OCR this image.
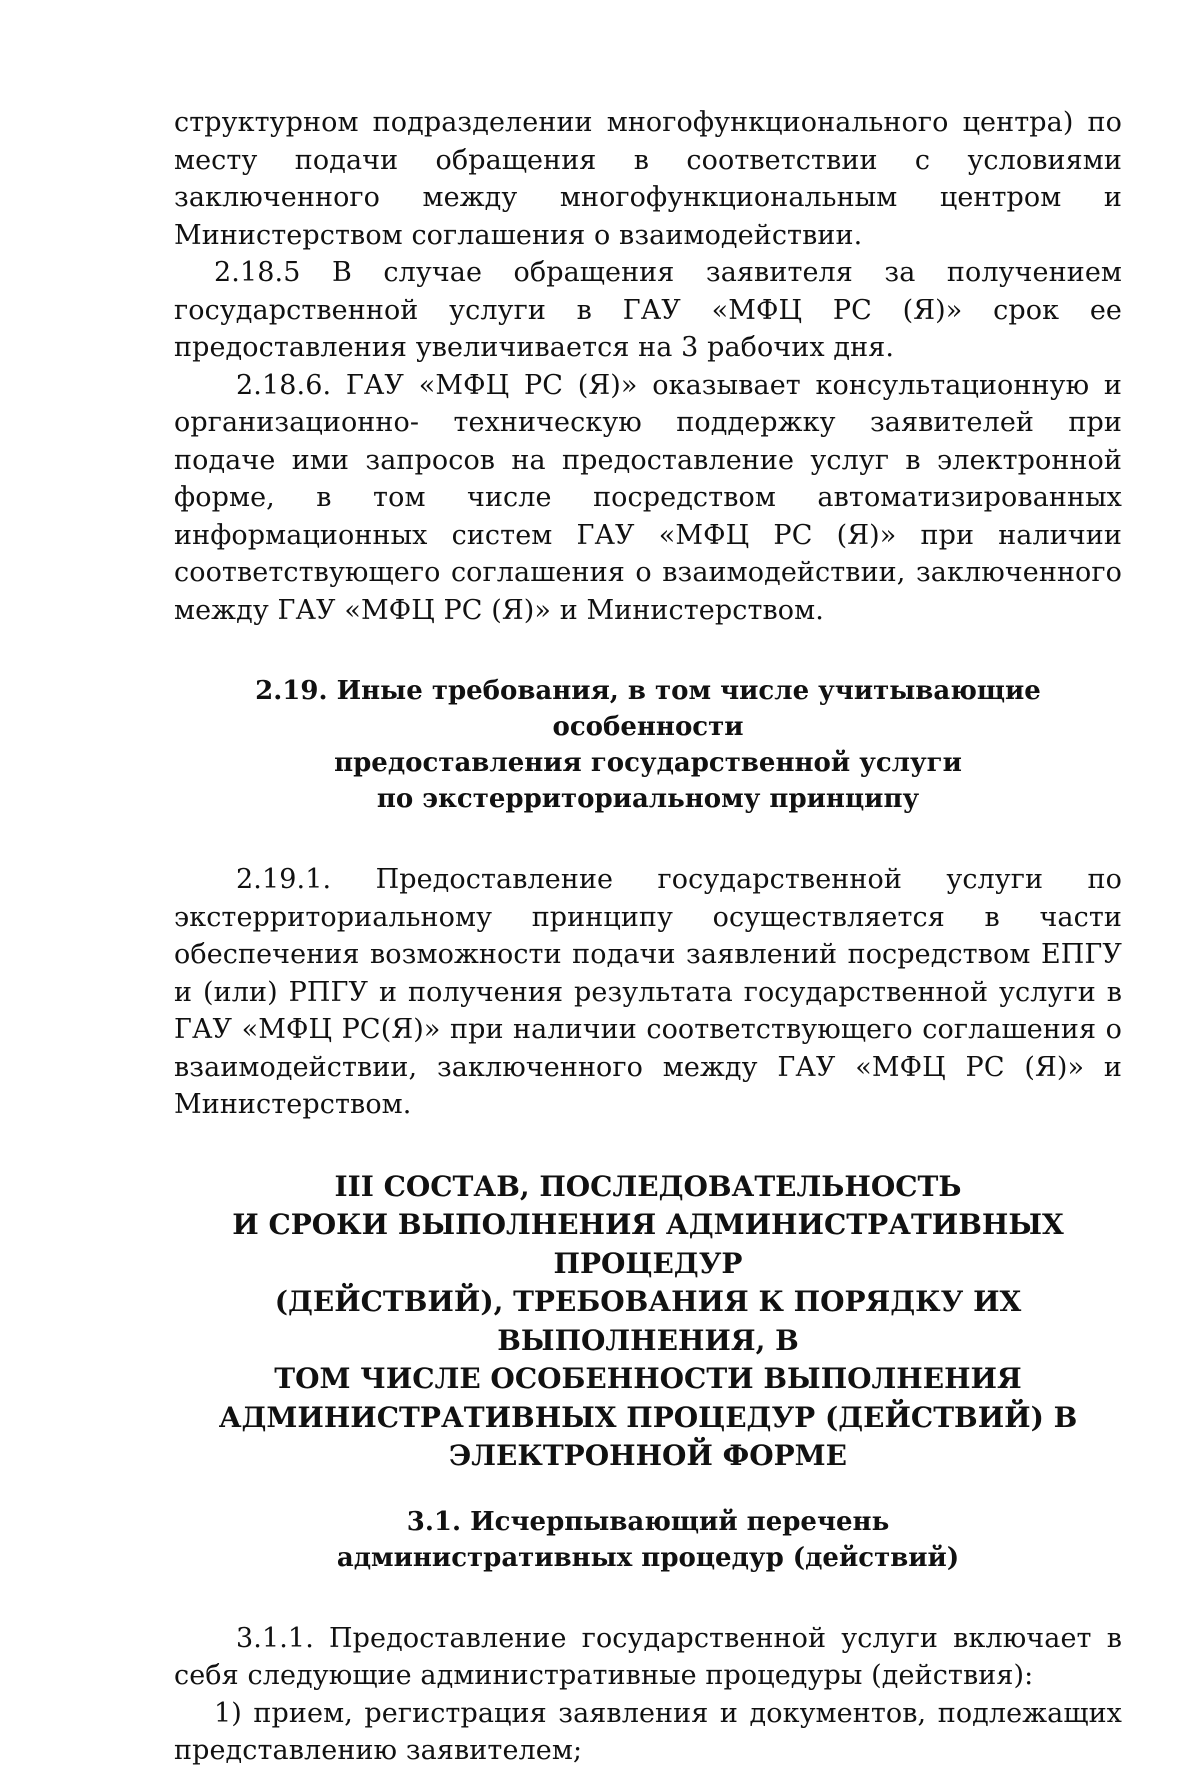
структурном подразделении многофункционального центра) по месту подачи обращения в соответствии с условиями заключенного между многофункциональным центром и Министерством соглашения о взаимодействии.

2.18.5 В случае обращения заявителя за получением государственной услуги в ГАУ «МФЦ РС (Я)» срок ее предоставления увеличивается на 3 рабочих дня.

2.18.6. ГАУ «МФЦ РС (Я)» оказывает консультационную и организационно- техническую поддержку заявителей при подаче ими запросов на предоставление услуг в электронной форме, в том числе посредством автоматизированных информационных систем ГАУ «МФЦ РС (Я)» при наличии соответствующего соглашения о взаимодействии, заключенного между ГАУ «МФЦ РС (Я)» и Министерством.

2.19. Иные требования, в том числе учитывающие особенности
предоставления государственной услуги
по экстерриториальному принципу

2.19.1. Предоставление государственной услуги по экстерриториальному принципу осуществляется в части обеспечения возможности подачи заявлений посредством ЕПГУ и (или) РПГУ и получения результата государственной услуги в ГАУ «МФЦ РС(Я)» при наличии соответствующего соглашения о взаимодействии, заключенного между ГАУ «МФЦ РС (Я)» и Министерством.

III СОСТАВ, ПОСЛЕДОВАТЕЛЬНОСТЬ
И СРОКИ ВЫПОЛНЕНИЯ АДМИНИСТРАТИВНЫХ ПРОЦЕДУР
(ДЕЙСТВИЙ), ТРЕБОВАНИЯ К ПОРЯДКУ ИХ ВЫПОЛНЕНИЯ, В
ТОМ ЧИСЛЕ ОСОБЕННОСТИ ВЫПОЛНЕНИЯ
АДМИНИСТРАТИВНЫХ ПРОЦЕДУР (ДЕЙСТВИЙ) В
ЭЛЕКТРОННОЙ ФОРМЕ
3.1. Исчерпывающий перечень
административных процедур (действий)

3.1.1. Предоставление государственной услуги включает в себя следующие административные процедуры (действия):

1) прием, регистрация заявления и документов, подлежащих представлению заявителем;
